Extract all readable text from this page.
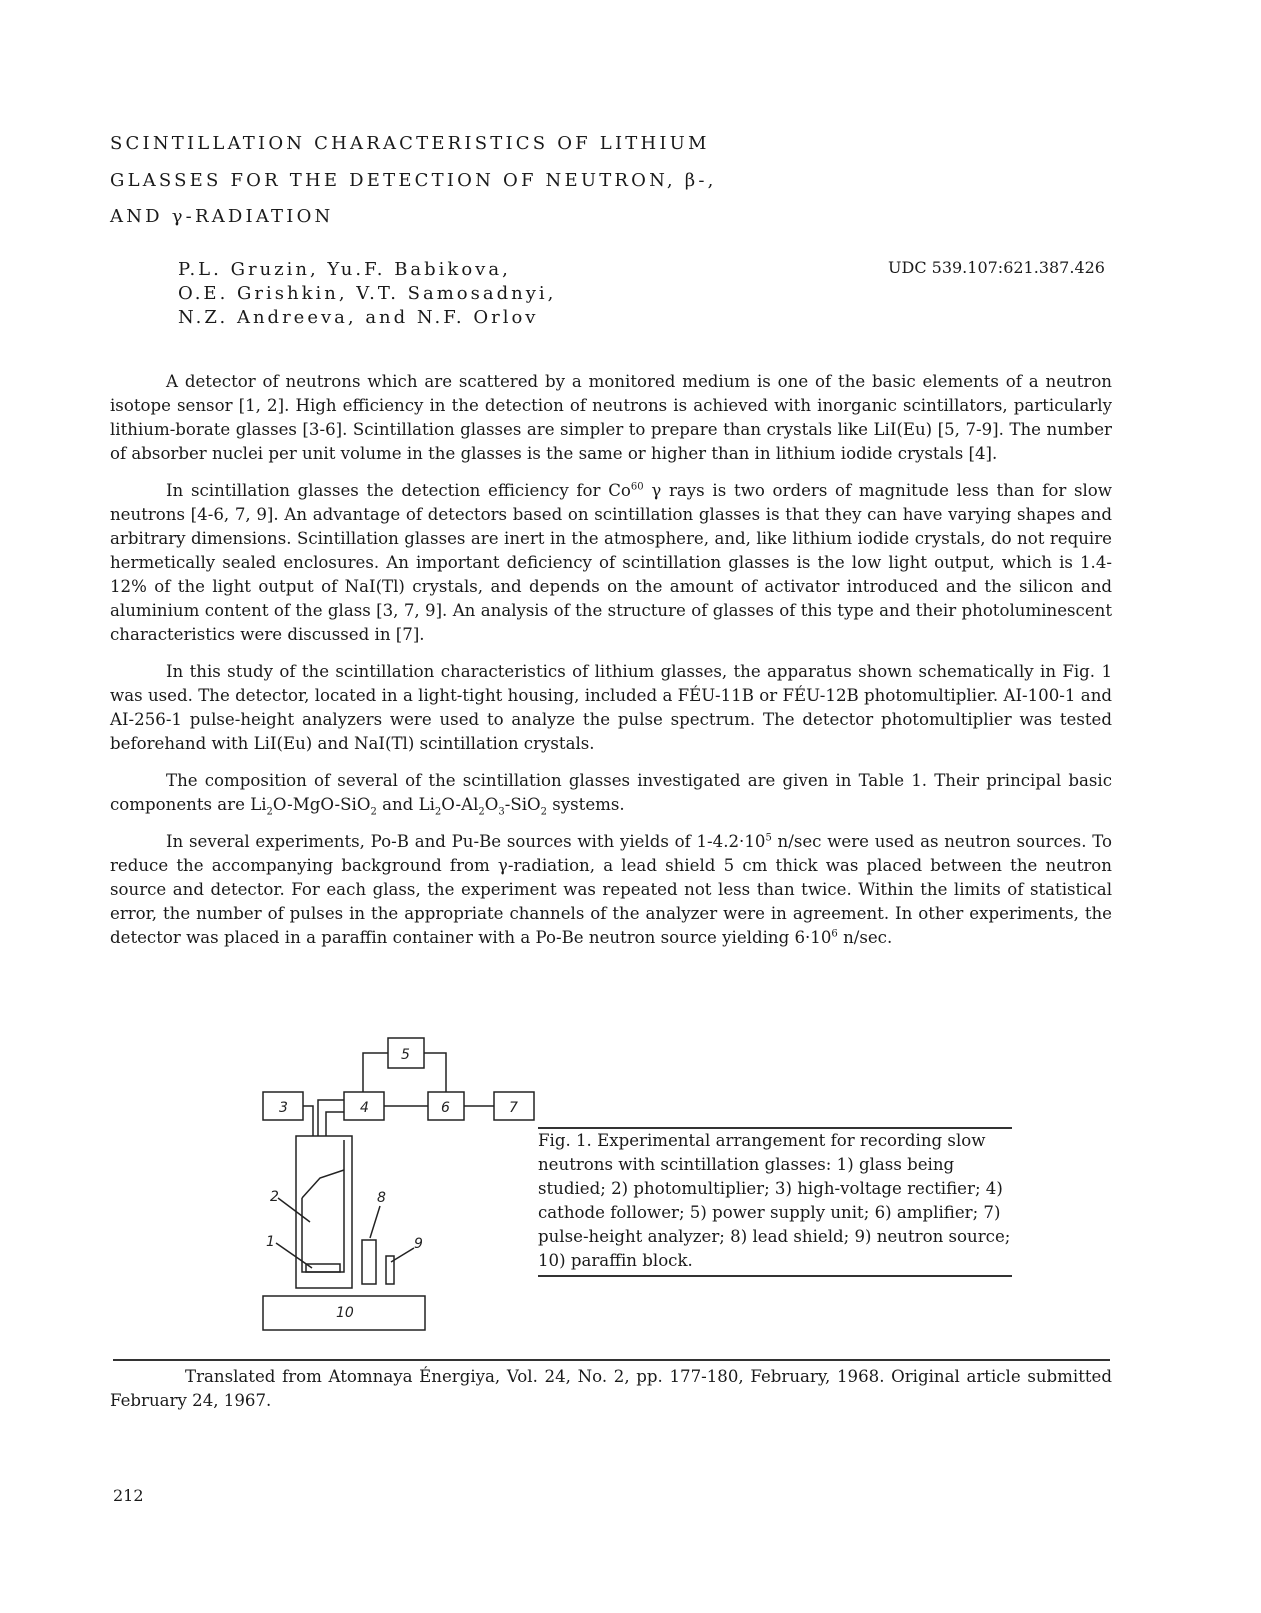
SCINTILLATION CHARACTERISTICS OF LITHIUM
GLASSES FOR THE DETECTION OF NEUTRON, β-,
AND γ-RADIATION
P.L. Gruzin, Yu.F. Babikova,
O.E. Grishkin, V.T. Samosadnyi,
N.Z. Andreeva, and N.F. Orlov
UDC 539.107:621.387.426

A detector of neutrons which are scattered by a monitored medium is one of the basic elements of a neutron isotope sensor [1, 2]. High efficiency in the detection of neutrons is achieved with inorganic scintillators, particularly lithium-borate glasses [3-6]. Scintillation glasses are simpler to prepare than crystals like LiI(Eu) [5, 7-9]. The number of absorber nuclei per unit volume in the glasses is the same or higher than in lithium iodide crystals [4].

In scintillation glasses the detection efficiency for Co$^{60}$ γ rays is two orders of magnitude less than for slow neutrons [4-6, 7, 9]. An advantage of detectors based on scintillation glasses is that they can have varying shapes and arbitrary dimensions. Scintillation glasses are inert in the atmosphere, and, like lithium iodide crystals, do not require hermetically sealed enclosures. An important deficiency of scintillation glasses is the low light output, which is 1.4-12% of the light output of NaI(Tl) crystals, and depends on the amount of activator introduced and the silicon and aluminium content of the glass [3, 7, 9]. An analysis of the structure of glasses of this type and their photoluminescent characteristics were discussed in [7].

In this study of the scintillation characteristics of lithium glasses, the apparatus shown schematically in Fig. 1 was used. The detector, located in a light-tight housing, included a FÉU-11B or FÉU-12B photomultiplier. AI-100-1 and AI-256-1 pulse-height analyzers were used to analyze the pulse spectrum. The detector photomultiplier was tested beforehand with LiI(Eu) and NaI(Tl) scintillation crystals.

The composition of several of the scintillation glasses investigated are given in Table 1. Their principal basic components are $Li_2O-MgO-SiO_2$ and $Li_2O-Al_2O_3-SiO_2$ systems.

In several experiments, Po-B and Pu-Be sources with yields of $1-4.2\cdot 10^5$ n/sec were used as neutron sources. To reduce the accompanying background from γ-radiation, a lead shield 5 cm thick was placed between the neutron source and detector. For each glass, the experiment was repeated not less than twice. Within the limits of statistical error, the number of pulses in the appropriate channels of the analyzer were in agreement. In other experiments, the detector was placed in a paraffin container with a Po-Be neutron source yielding $6\cdot 10^6$ n/sec.

5
3	4	6	7
2
1
8
9
10

Fig. 1. Experimental arrangement for recording slow neutrons with scintillation glasses: 1) glass being studied; 2) photomultiplier; 3) high-voltage rectifier; 4) cathode follower; 5) power supply unit; 6) amplifier; 7) pulse-height analyzer; 8) lead shield; 9) neutron source; 10) paraffin block.

Translated from Atomnaya Énergiya, Vol. 24, No. 2, pp. 177-180, February, 1968. Original article submitted February 24, 1967.

212
